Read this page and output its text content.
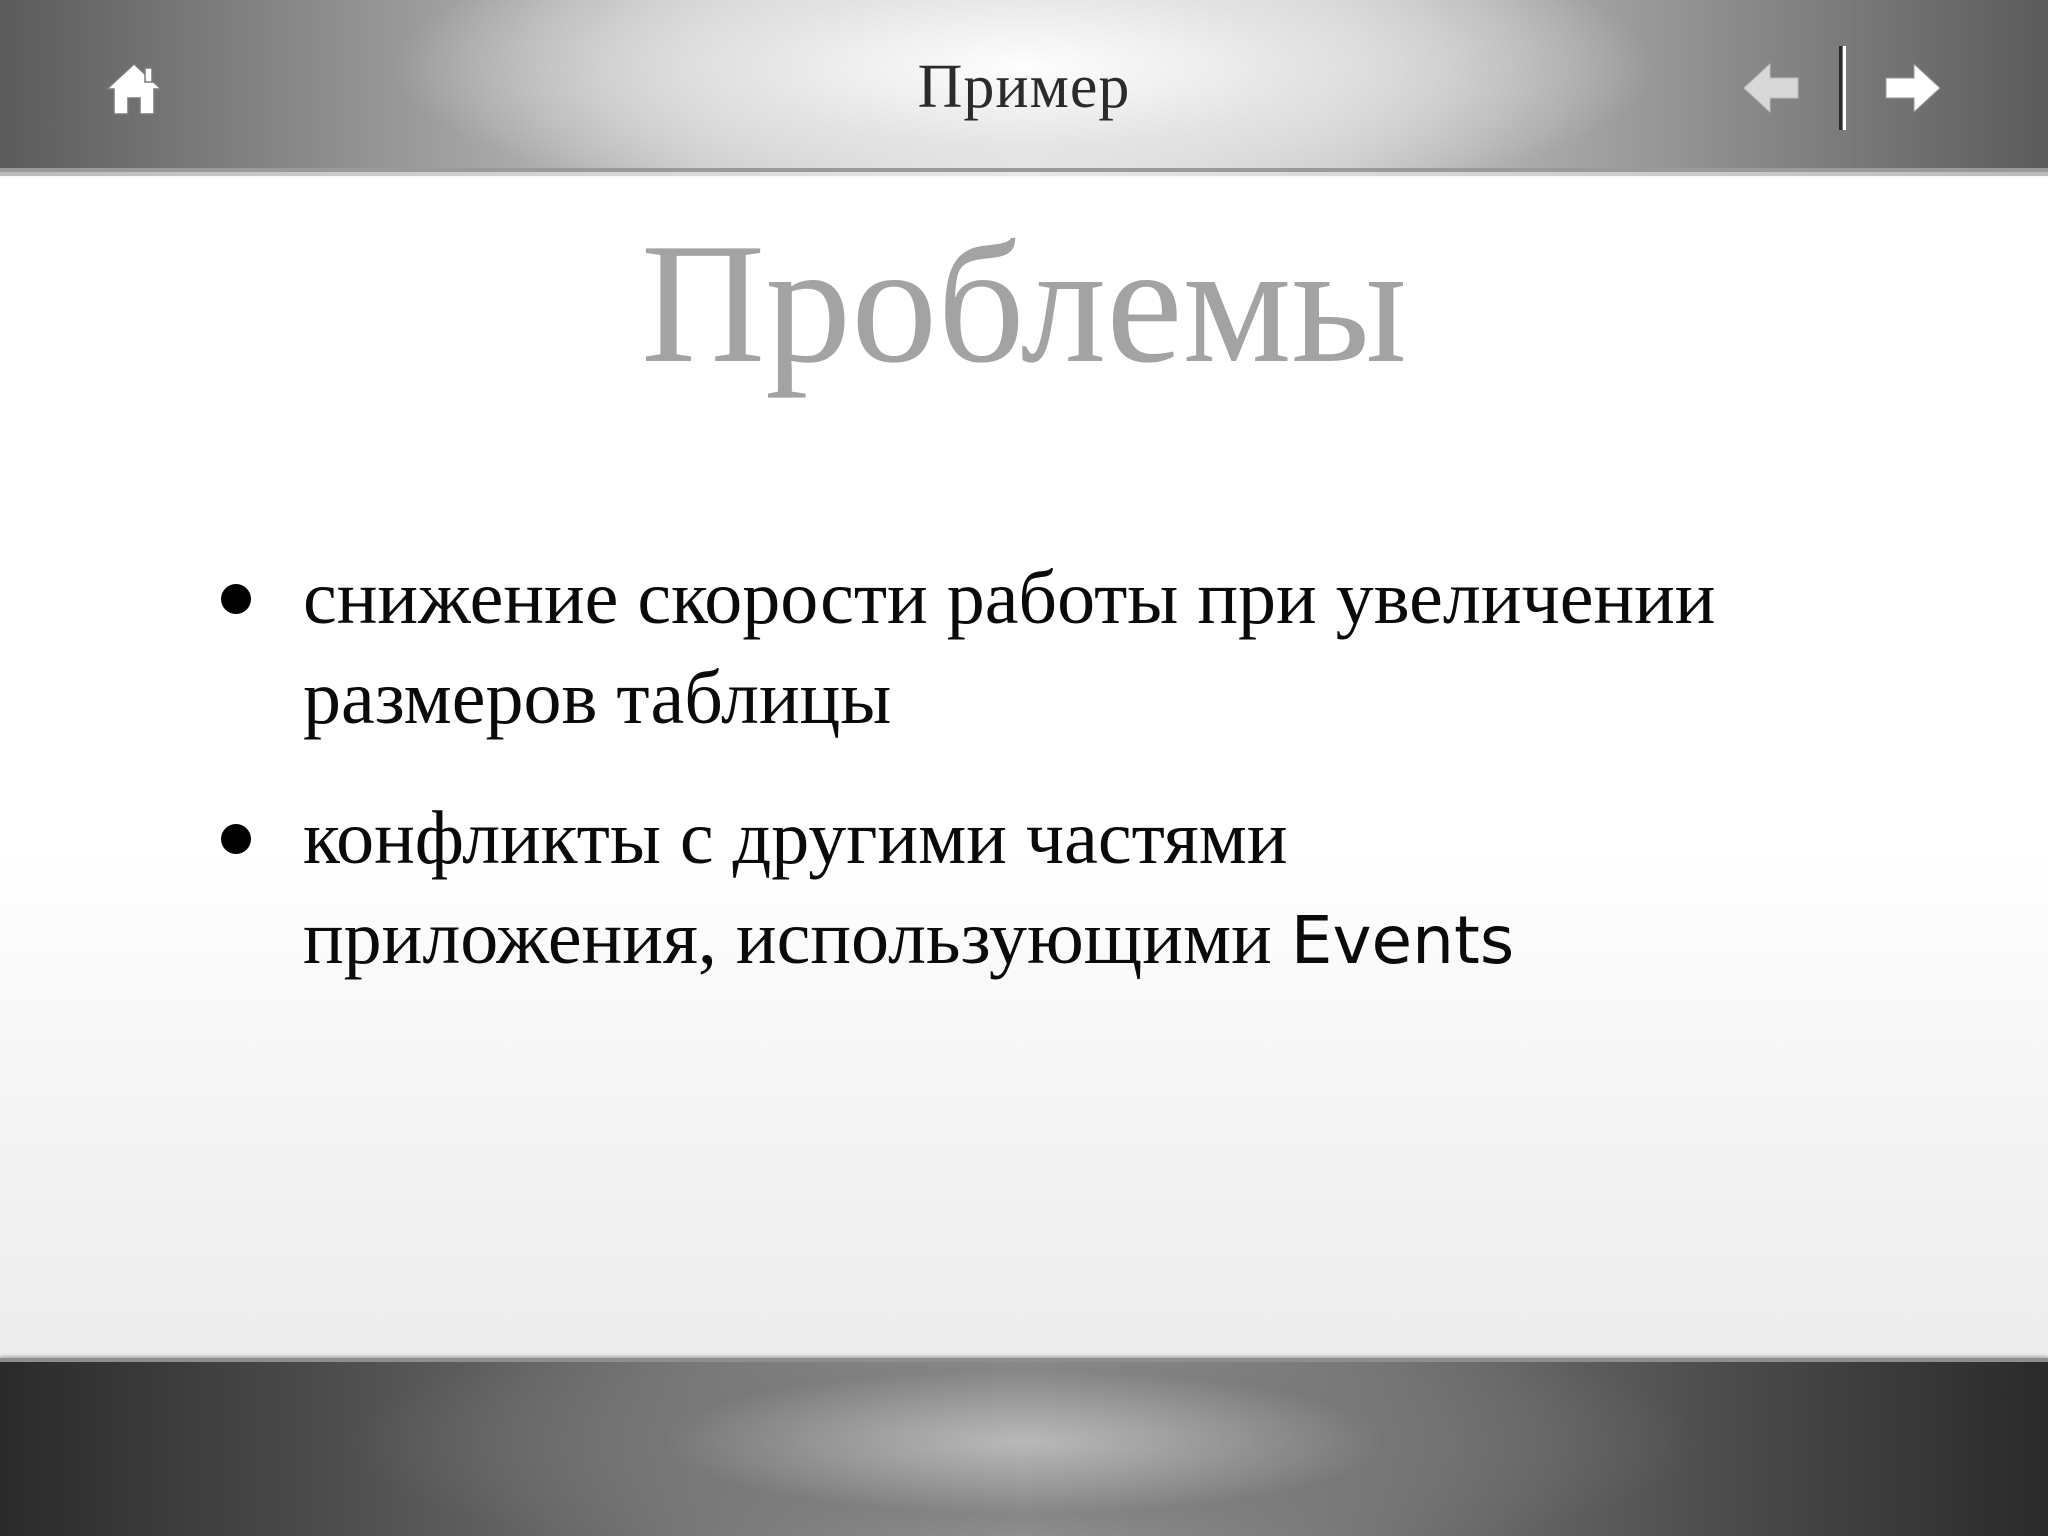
Пример
Проблемы
снижение скорости работы при увеличении
размеров таблицы
конфликты с другими частями
приложения, использующими Events
